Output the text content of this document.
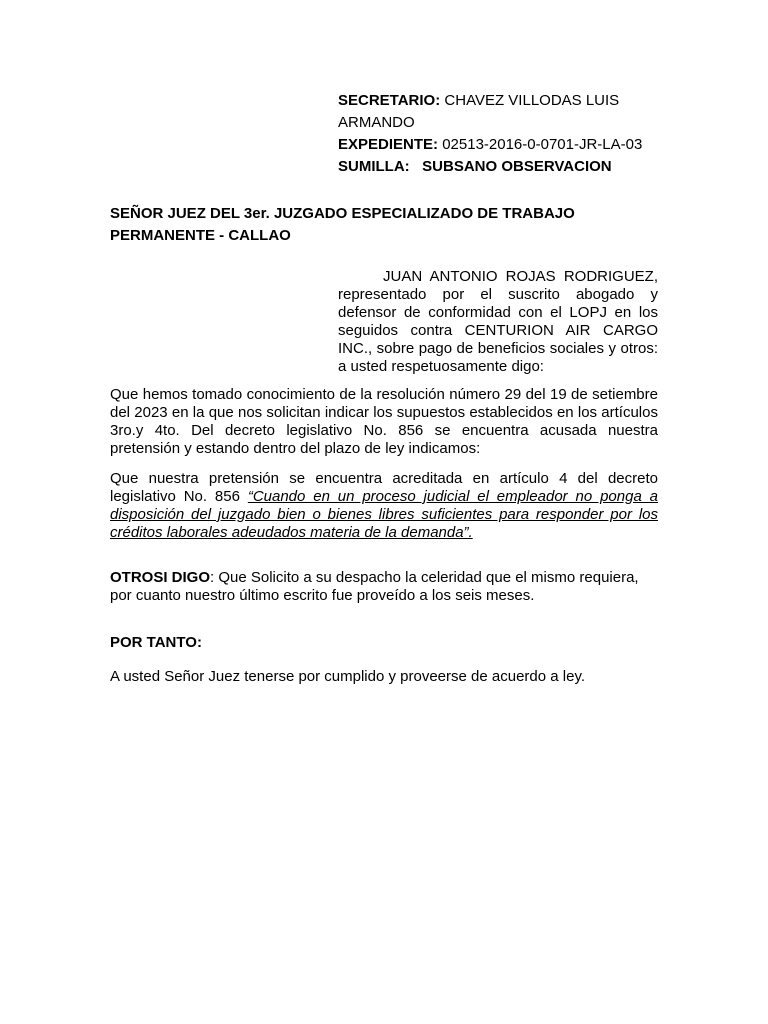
SECRETARIO: CHAVEZ VILLODAS LUIS
ARMANDO
EXPEDIENTE: 02513-2016-0-0701-JR-LA-03
SUMILLA: SUBSANO OBSERVACION
SEÑOR JUEZ DEL 3er. JUZGADO ESPECIALIZADO DE TRABAJO
PERMANENTE - CALLAO
JUAN ANTONIO ROJAS RODRIGUEZ, representado por el suscrito abogado y defensor de conformidad con el LOPJ en los seguidos contra CENTURION AIR CARGO INC., sobre pago de beneficios sociales y otros: a usted respetuosamente digo:

Que hemos tomado conocimiento de la resolución número 29 del 19 de setiembre del 2023 en la que nos solicitan indicar los supuestos establecidos en los artículos 3ro.y 4to. Del decreto legislativo No. 856 se encuentra acusada nuestra pretensión y estando dentro del plazo de ley indicamos:

Que nuestra pretensión se encuentra acreditada en artículo 4 del decreto legislativo No. 856 “Cuando en un proceso judicial el empleador no ponga a disposición del juzgado bien o bienes libres suficientes para responder por los créditos laborales adeudados materia de la demanda”.

OTROSI DIGO: Que Solicito a su despacho la celeridad que el mismo requiera, por cuanto nuestro último escrito fue proveído a los seis meses.

POR TANTO:

A usted Señor Juez tenerse por cumplido y proveerse de acuerdo a ley.
